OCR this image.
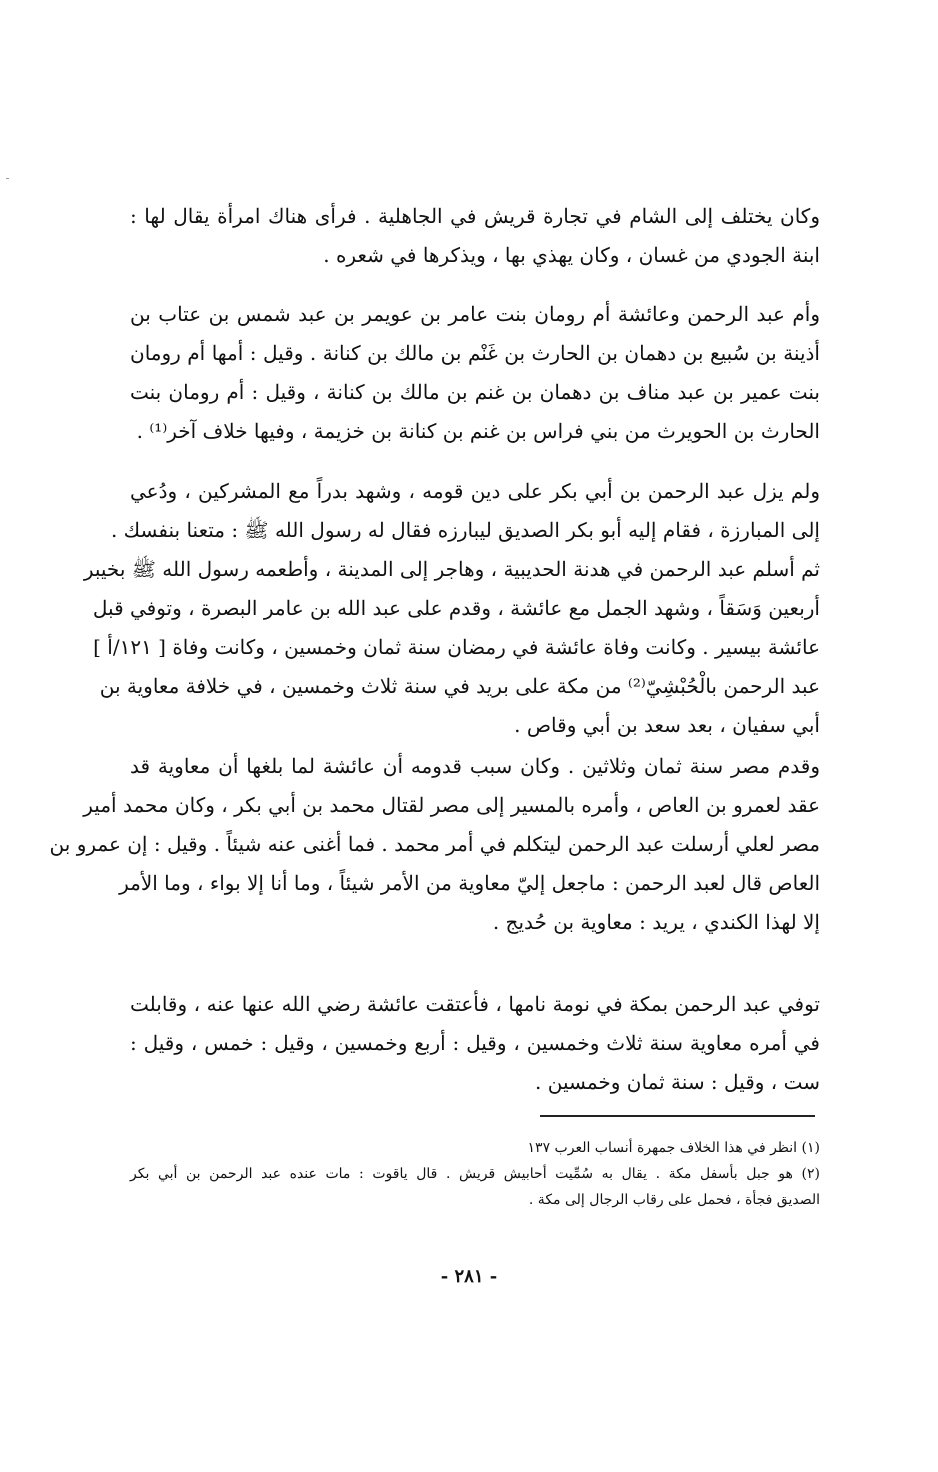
وكان يختلف إلى الشام في تجارة قريش في الجاهلية . فرأى هناك امرأة يقال لها :
ابنة الجودي من غسان ، وكان يهذي بها ، ويذكرها في شعره .
وأم عبد الرحمن وعائشة أم رومان بنت عامر بن عويمر بن عبد شمس بن عتاب بن
أذينة بن سُبيع بن دهمان بن الحارث بن غَنْم بن مالك بن كنانة . وقيل : أمها أم رومان
بنت عمير بن عبد مناف بن دهمان بن غنم بن مالك بن كنانة ، وقيل : أم رومان بنت
الحارث بن الحويرث من بني فراس بن غنم بن كنانة بن خزيمة ، وفيها خلاف آخر⁽¹⁾ .
ولم يزل عبد الرحمن بن أبي بكر على دين قومه ، وشهد بدراً مع المشركين ، ودُعي
إلى المبارزة ، فقام إليه أبو بكر الصديق ليبارزه فقال له رسول الله ﷺ : متعنا بنفسك .
ثم أسلم عبد الرحمن في هدنة الحديبية ، وهاجر إلى المدينة ، وأطعمه رسول الله ﷺ بخيبر
أربعين وَسَقاً ، وشهد الجمل مع عائشة ، وقدم على عبد الله بن عامر البصرة ، وتوفي قبل
عائشة بيسير . وكانت وفاة عائشة في رمضان سنة ثمان وخمسين ، وكانت وفاة [ ١٢١/أ ]
عبد الرحمن بالْحُبْشِيّ⁽²⁾ من مكة على بريد في سنة ثلاث وخمسين ، في خلافة معاوية بن
أبي سفيان ، بعد سعد بن أبي وقاص .
وقدم مصر سنة ثمان وثلاثين . وكان سبب قدومه أن عائشة لما بلغها أن معاوية قد
عقد لعمرو بن العاص ، وأمره بالمسير إلى مصر لقتال محمد بن أبي بكر ، وكان محمد أمير
مصر لعلي أرسلت عبد الرحمن ليتكلم في أمر محمد . فما أغنى عنه شيئاً . وقيل : إن عمرو بن
العاص قال لعبد الرحمن : ماجعل إليّ معاوية من الأمر شيئاً ، وما أنا إلا بواء ، وما الأمر
إلا لهذا الكندي ، يريد : معاوية بن حُديج .
توفي عبد الرحمن بمكة في نومة نامها ، فأعتقت عائشة رضي الله عنها عنه ، وقابلت
في أمره معاوية سنة ثلاث وخمسين ، وقيل : أربع وخمسين ، وقيل : خمس ، وقيل :
ست ، وقيل : سنة ثمان وخمسين .
(١) انظر في هذا الخلاف جمهرة أنساب العرب ١٣٧
(٢) هو جبل بأسفل مكة . يقال به سُمِّيت أحابيش قريش . قال ياقوت : مات عنده عبد الرحمن بن أبي بكر
الصديق فجأة ، فحمل على رقاب الرجال إلى مكة .
- ٢٨١ -
